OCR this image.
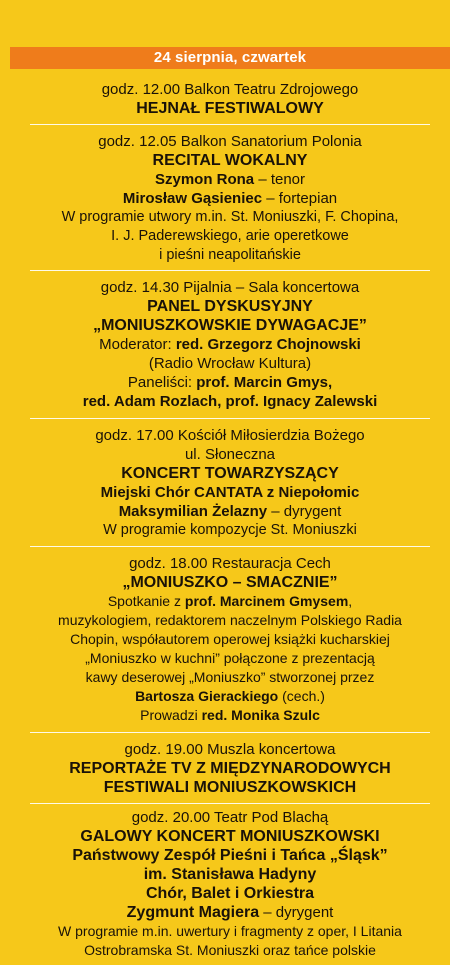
24 sierpnia, czwartek
godz. 12.00 Balkon Teatru Zdrojowego
HEJNAŁ FESTIWALOWY
godz. 12.05 Balkon Sanatorium Polonia
RECITAL WOKALNY
Szymon Rona – tenor
Mirosław Gąsieniec – fortepian
W programie utwory m.in. St. Moniuszki, F. Chopina,
I. J. Paderewskiego, arie operetkowe
i pieśni neapolitańskie
godz. 14.30 Pijalnia – Sala koncertowa
PANEL DYSKUSYJNY
„MONIUSZKOWSKIE DYWAGACJE”
Moderator: red. Grzegorz Chojnowski
(Radio Wrocław Kultura)
Paneliści: prof. Marcin Gmys,
red. Adam Rozlach, prof. Ignacy Zalewski
godz. 17.00 Kościół Miłosierdzia Bożego
ul. Słoneczna
KONCERT TOWARZYSZĄCY
Miejski Chór CANTATA z Niepołomic
Maksymilian Żelazny – dyrygent
W programie kompozycje St. Moniuszki
godz. 18.00 Restauracja Cech
„MONIUSZKO – SMACZNIE”
Spotkanie z prof. Marcinem Gmysem,
muzykologiem, redaktorem naczelnym Polskiego Radia
Chopin, współautorem operowej książki kucharskiej
„Moniuszko w kuchni” połączone z prezentacją
kawy deserowej „Moniuszko” stworzonej przez
Bartosza Gierackiego (cech.)
Prowadzi red. Monika Szulc
godz. 19.00 Muszla koncertowa
REPORTAŻE TV Z MIĘDZYNARODOWYCH
FESTIWALI MONIUSZKOWSKICH
godz. 20.00 Teatr Pod Blachą
GALOWY KONCERT MONIUSZKOWSKI
Państwowy Zespół Pieśni i Tańca „Śląsk”
im. Stanisława Hadyny
Chór, Balet i Orkiestra
Zygmunt Magiera – dyrygent
W programie m.in. uwertury i fragmenty z oper, I Litania
Ostrobramska St. Moniuszki oraz tańce polskie
